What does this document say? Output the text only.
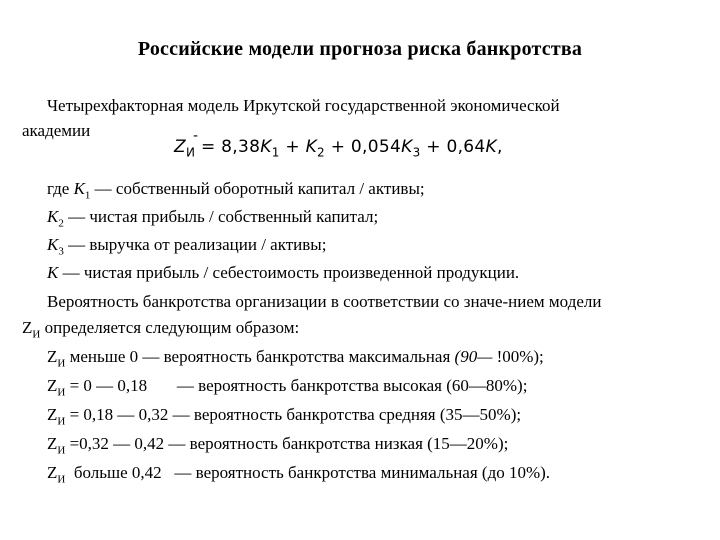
Российские модели прогноза риска банкротства
Четырехфакторная модель Иркутской государственной экономической
академии	-
$Z_И = 8,38K_1 + K_2 + 0,054K_3 + 0,64K$,
где $K_1$ — собственный оборотный капитал / активы;
$K_2$ — чистая прибыль / собственный капитал;
$K_3$ — выручка от реализации / активы;
K — чистая прибыль / себестоимость произведенной продукции.
Вероятность банкротства организации в соответствии со значе-нием модели
$Z_И$ определяется следующим образом:
$Z_И$ меньше 0 — вероятность банкротства максимальная (90— !00%);
$Z_И = 0$ — 0,18       — вероятность банкротства высокая (60—80%);
$Z_И = 0,18$ — 0,32 — вероятность банкротства средняя (35—50%);
$Z_И =0,32$ — 0,42 — вероятность банкротства низкая (15—20%);
$Z_И$  больше 0,42   — вероятность банкротства минимальная (до 10%).
